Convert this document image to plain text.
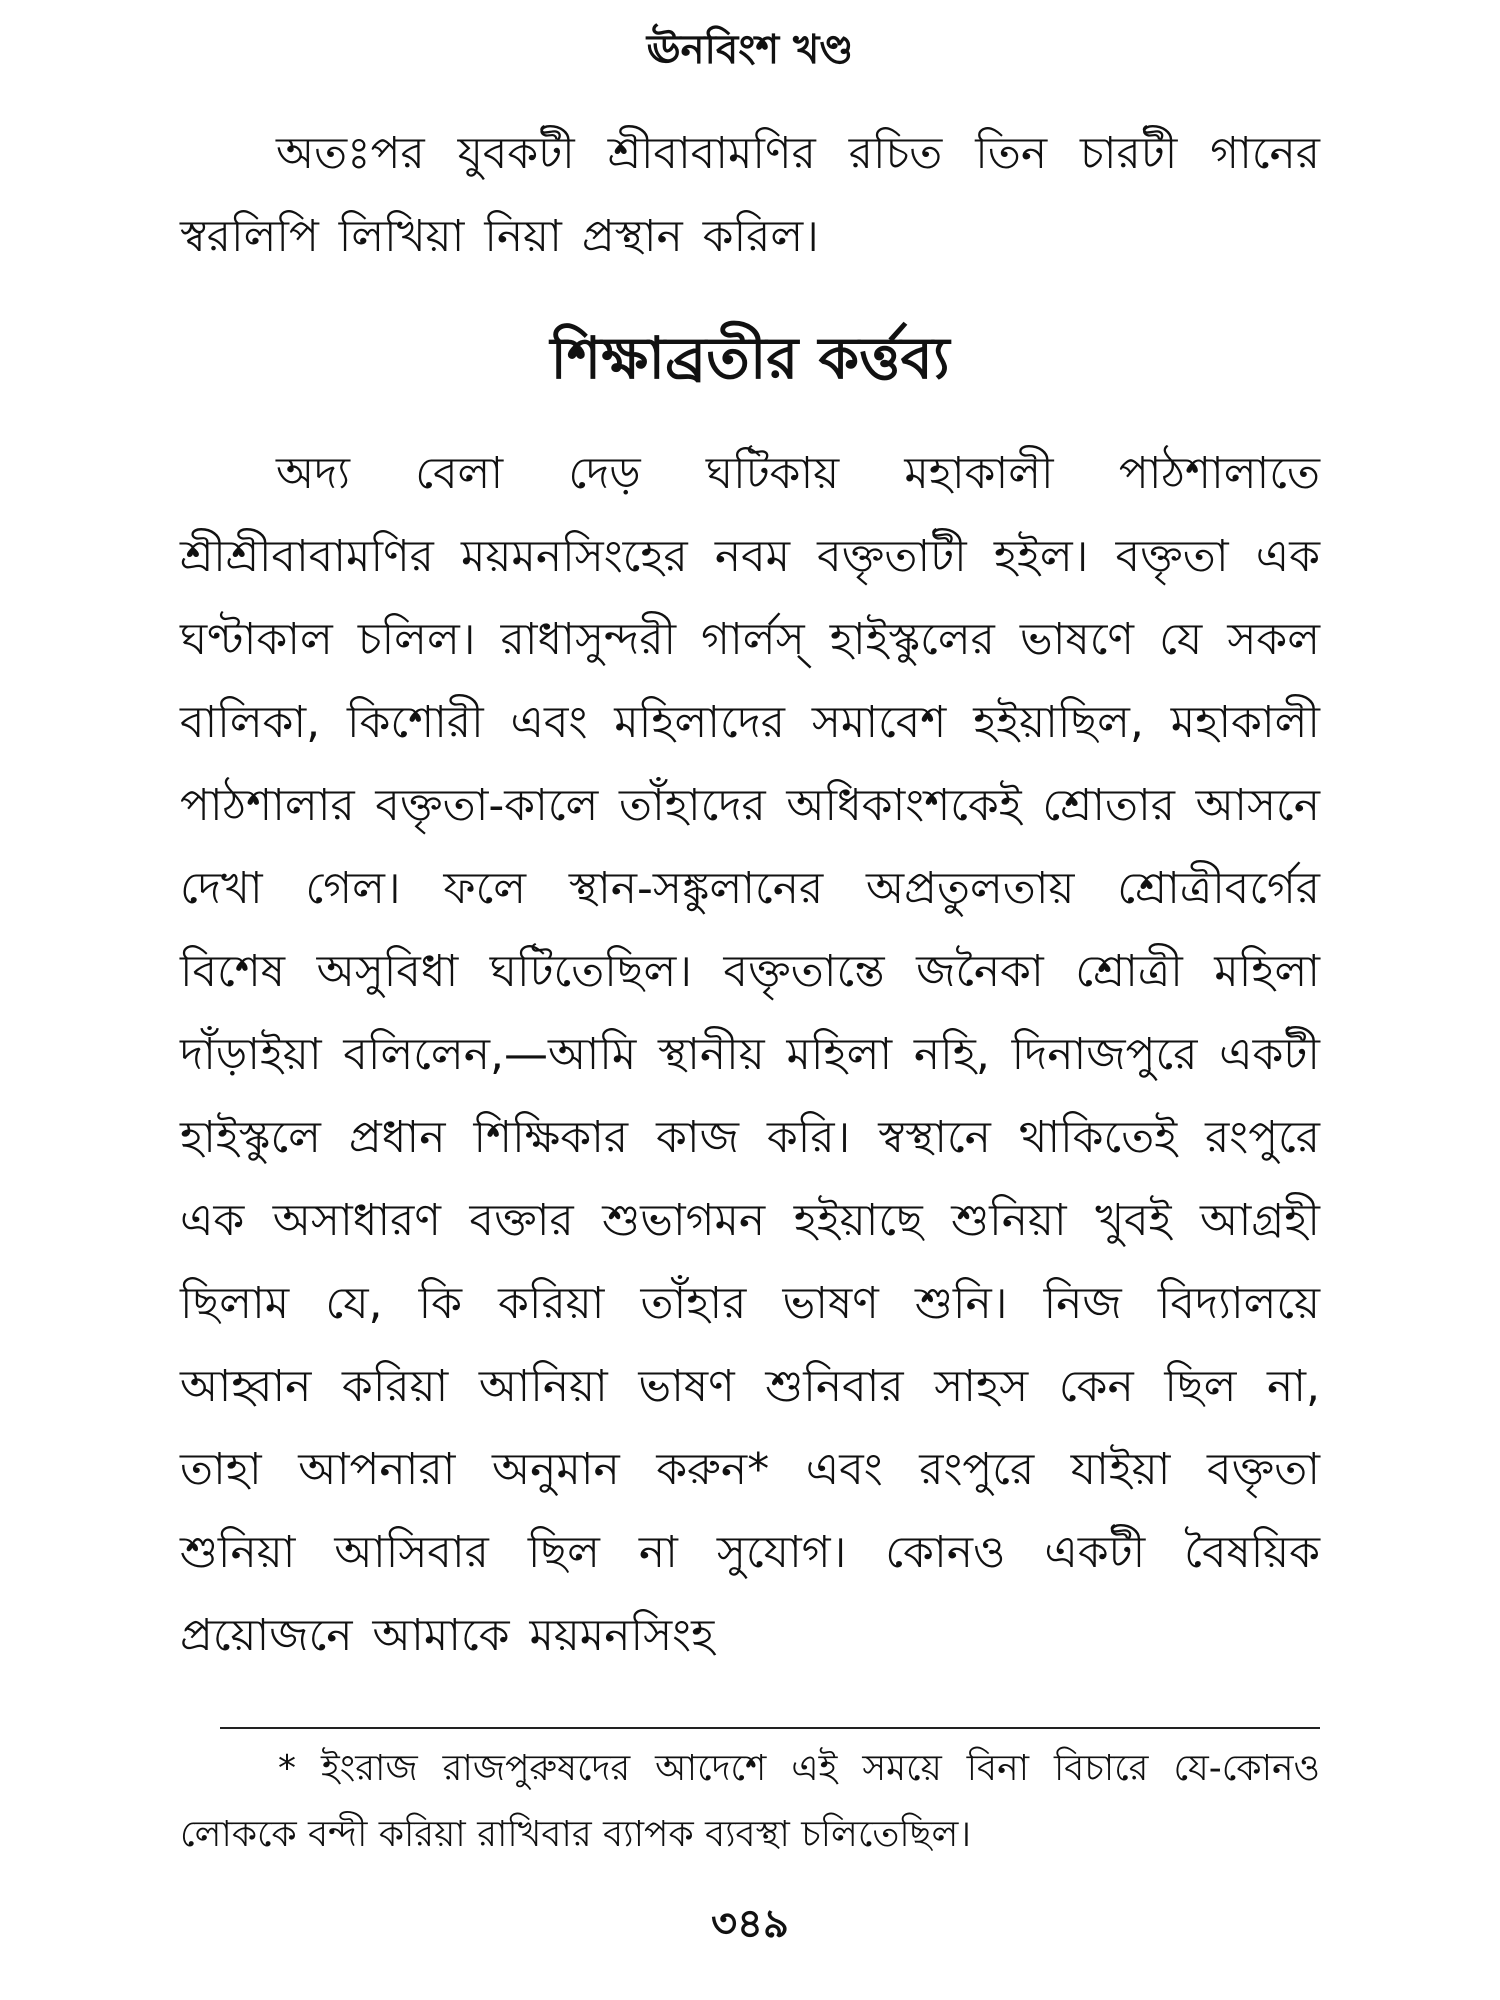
ঊনবিংশ খণ্ড

অতঃপর যুবকটী শ্রীবাবামণির রচিত তিন চারটী গানের স্বরলিপি লিখিয়া নিয়া প্রস্থান করিল।

শিক্ষাব্রতীর কর্ত্তব্য

অদ্য বেলা দেড় ঘটিকায় মহাকালী পাঠশালাতে শ্রীশ্রীবাবামণির ময়মনসিংহের নবম বক্তৃতাটী হইল। বক্তৃতা এক ঘণ্টাকাল চলিল। রাধাসুন্দরী গার্লস্ হাইস্কুলের ভাষণে যে সকল বালিকা, কিশোরী এবং মহিলাদের সমাবেশ হইয়াছিল, মহাকালী পাঠশালার বক্তৃতা-কালে তাঁহাদের অধিকাংশকেই শ্রোতার আসনে দেখা গেল। ফলে স্থান-সঙ্কুলানের অপ্রতুলতায় শ্রোত্রীবর্গের বিশেষ অসুবিধা ঘটিতেছিল। বক্তৃতান্তে জনৈকা শ্রোত্রী মহিলা দাঁড়াইয়া বলিলেন,—আমি স্থানীয় মহিলা নহি, দিনাজপুরে একটী হাইস্কুলে প্রধান শিক্ষিকার কাজ করি। স্বস্থানে থাকিতেই রংপুরে এক অসাধারণ বক্তার শুভাগমন হইয়াছে শুনিয়া খুবই আগ্রহী ছিলাম যে, কি করিয়া তাঁহার ভাষণ শুনি। নিজ বিদ্যালয়ে আহ্বান করিয়া আনিয়া ভাষণ শুনিবার সাহস কেন ছিল না, তাহা আপনারা অনুমান করুন* এবং রংপুরে যাইয়া বক্তৃতা শুনিয়া আসিবার ছিল না সুযোগ। কোনও একটী বৈষয়িক প্রয়োজনে আমাকে ময়মনসিংহ

* ইংরাজ রাজপুরুষদের আদেশে এই সময়ে বিনা বিচারে যে-কোনও লোককে বন্দী করিয়া রাখিবার ব্যাপক ব্যবস্থা চলিতেছিল।

৩৪৯
